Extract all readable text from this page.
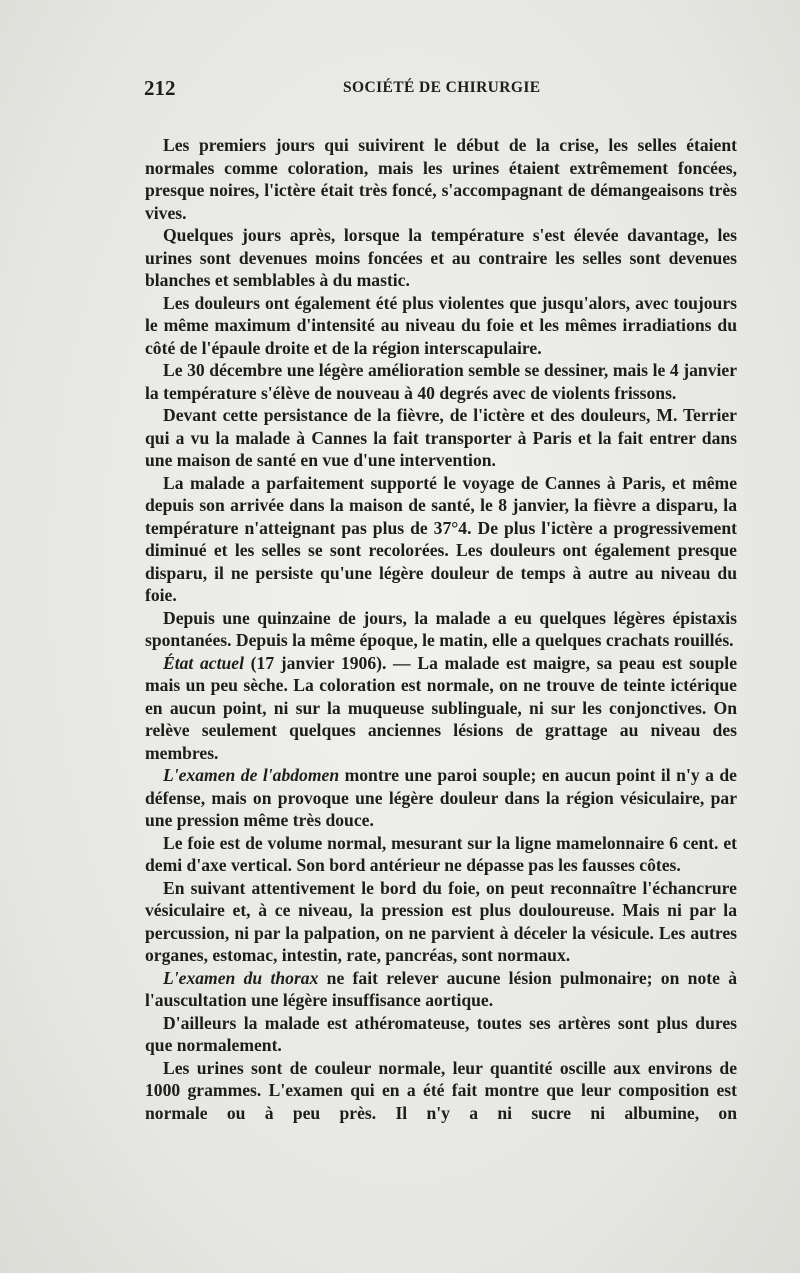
212	SOCIÉTÉ DE CHIRURGIE

Les premiers jours qui suivirent le début de la crise, les selles étaient normales comme coloration, mais les urines étaient extrêmement foncées, presque noires, l'ictère était très foncé, s'accompagnant de démangeaisons très vives.

Quelques jours après, lorsque la température s'est élevée davantage, les urines sont devenues moins foncées et au contraire les selles sont devenues blanches et semblables à du mastic.

Les douleurs ont également été plus violentes que jusqu'alors, avec toujours le même maximum d'intensité au niveau du foie et les mêmes irradiations du côté de l'épaule droite et de la région interscapulaire.

Le 30 décembre une légère amélioration semble se dessiner, mais le 4 janvier la température s'élève de nouveau à 40 degrés avec de violents frissons.

Devant cette persistance de la fièvre, de l'ictère et des douleurs, M. Terrier qui a vu la malade à Cannes la fait transporter à Paris et la fait entrer dans une maison de santé en vue d'une intervention.

La malade a parfaitement supporté le voyage de Cannes à Paris, et même depuis son arrivée dans la maison de santé, le 8 janvier, la fièvre a disparu, la température n'atteignant pas plus de 37°4. De plus l'ictère a progressivement diminué et les selles se sont recolorées. Les douleurs ont également presque disparu, il ne persiste qu'une légère douleur de temps à autre au niveau du foie.

Depuis une quinzaine de jours, la malade a eu quelques légères épistaxis spontanées. Depuis la même époque, le matin, elle a quelques crachats rouillés.

État actuel (17 janvier 1906). — La malade est maigre, sa peau est souple mais un peu sèche. La coloration est normale, on ne trouve de teinte ictérique en aucun point, ni sur la muqueuse sublinguale, ni sur les conjonctives. On relève seulement quelques anciennes lésions de grattage au niveau des membres.

L'examen de l'abdomen montre une paroi souple; en aucun point il n'y a de défense, mais on provoque une légère douleur dans la région vésiculaire, par une pression même très douce.

Le foie est de volume normal, mesurant sur la ligne mamelonnaire 6 cent. et demi d'axe vertical. Son bord antérieur ne dépasse pas les fausses côtes.

En suivant attentivement le bord du foie, on peut reconnaître l'échancrure vésiculaire et, à ce niveau, la pression est plus douloureuse. Mais ni par la percussion, ni par la palpation, on ne parvient à déceler la vésicule. Les autres organes, estomac, intestin, rate, pancréas, sont normaux.

L'examen du thorax ne fait relever aucune lésion pulmonaire; on note à l'auscultation une légère insuffisance aortique.

D'ailleurs la malade est athéromateuse, toutes ses artères sont plus dures que normalement.

Les urines sont de couleur normale, leur quantité oscille aux environs de 1000 grammes. L'examen qui en a été fait montre que leur composition est normale ou à peu près. Il n'y a ni sucre ni albumine, on
